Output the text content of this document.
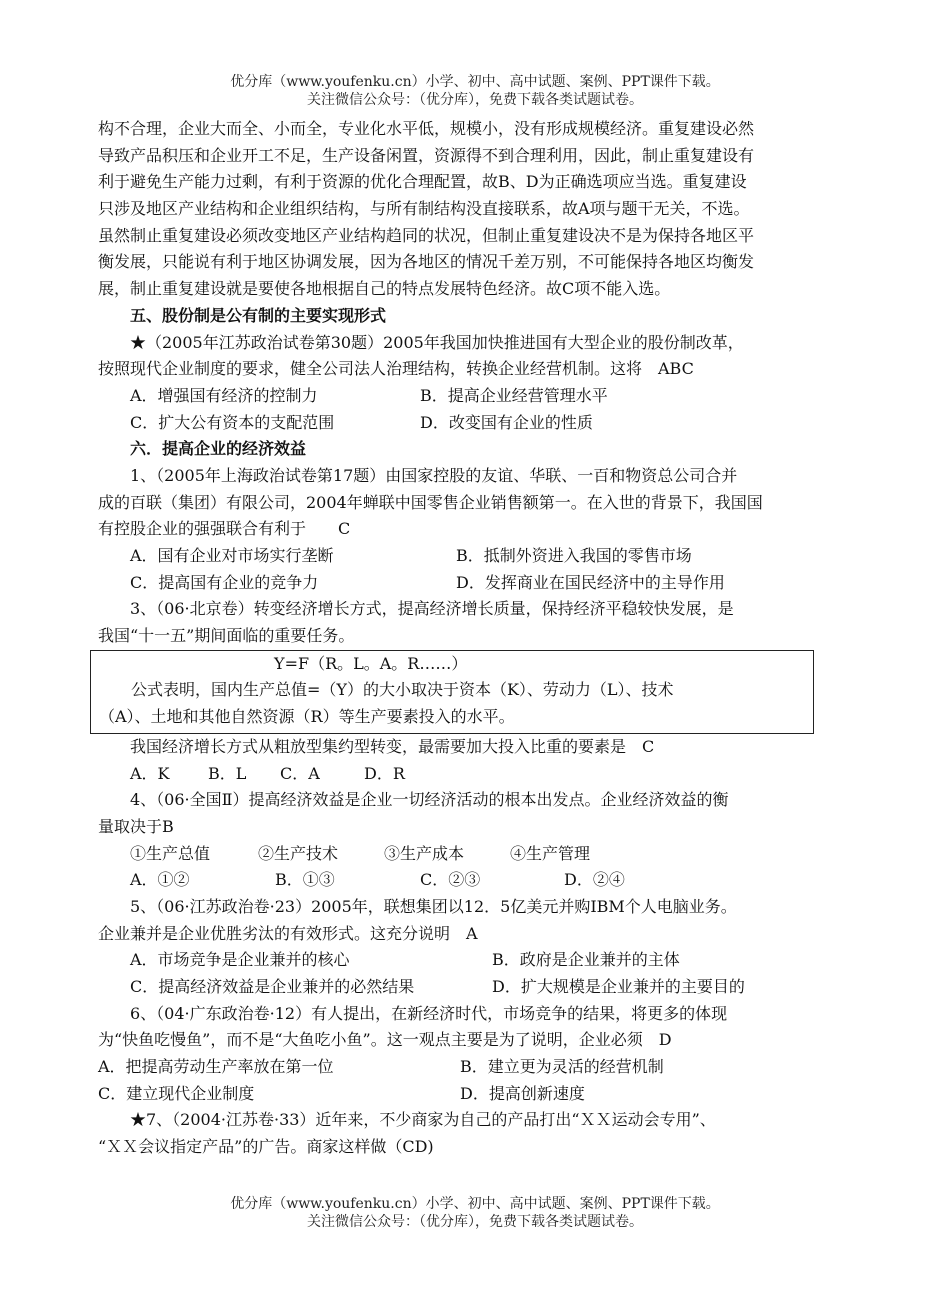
优分库（www.youfenku.cn）小学、初中、高中试题、案例、PPT课件下载。
关注微信公众号：（优分库），免费下载各类试题试卷。
构不合理，企业大而全、小而全，专业化水平低，规模小，没有形成规模经济。重复建设必然
导致产品积压和企业开工不足，生产设备闲置，资源得不到合理利用，因此，制止重复建设有
利于避免生产能力过剩，有利于资源的优化合理配置，故B、D为正确选项应当选。重复建设
只涉及地区产业结构和企业组织结构，与所有制结构没直接联系，故A项与题干无关，不选。
虽然制止重复建设必须改变地区产业结构趋同的状况，但制止重复建设决不是为保持各地区平
衡发展，只能说有利于地区协调发展，因为各地区的情况千差万别，不可能保持各地区均衡发
展，制止重复建设就是要使各地根据自己的特点发展特色经济。故C项不能入选。
五、股份制是公有制的主要实现形式
★（2005年江苏政治试卷第30题）2005年我国加快推进国有大型企业的股份制改革，
按照现代企业制度的要求，健全公司法人治理结构，转换企业经营机制。这将　ABC
A．增强国有经济的控制力	B．提高企业经营管理水平
C．扩大公有资本的支配范围	D．改变国有企业的性质
六．提高企业的经济效益
1、（2005年上海政治试卷第17题）由国家控股的友谊、华联、一百和物资总公司合并
成的百联（集团）有限公司，2004年蝉联中国零售企业销售额第一。在入世的背景下，我国国
有控股企业的强强联合有利于　　C
A．国有企业对市场实行垄断	B．抵制外资进入我国的零售市场
C．提高国有企业的竞争力	D．发挥商业在国民经济中的主导作用
3、（06·北京卷）转变经济增长方式，提高经济增长质量，保持经济平稳较快发展，是
我国“十一五”期间面临的重要任务。
Y=F（R。L。A。R……）
公式表明，国内生产总值=（Y）的大小取决于资本（K）、劳动力（L）、技术
（A）、土地和其他自然资源（R）等生产要素投入的水平。
我国经济增长方式从粗放型集约型转变，最需要加大投入比重的要素是　C
A．K	B．L	C．A	D．R
4、（06·全国Ⅱ）提高经济效益是企业一切经济活动的根本出发点。企业经济效益的衡
量取决于B
①生产总值	②生产技术	③生产成本	④生产管理
A．①②	B．①③	C．②③	D．②④
5、（06·江苏政治卷·23）2005年，联想集团以12．5亿美元并购IBM个人电脑业务。
企业兼并是企业优胜劣汰的有效形式。这充分说明　A
A．市场竞争是企业兼并的核心	B．政府是企业兼并的主体
C．提高经济效益是企业兼并的必然结果	D．扩大规模是企业兼并的主要目的
6、（04·广东政治卷·12）有人提出，在新经济时代，市场竞争的结果，将更多的体现
为“快鱼吃慢鱼”，而不是“大鱼吃小鱼”。这一观点主要是为了说明，企业必须　D
A．把提高劳动生产率放在第一位	B．建立更为灵活的经营机制
C．建立现代企业制度	D．提高创新速度
★7、（2004·江苏卷·33）近年来，不少商家为自己的产品打出“ＸＸ运动会专用”、
“ＸＸ会议指定产品”的广告。商家这样做（CD)
优分库（www.youfenku.cn）小学、初中、高中试题、案例、PPT课件下载。
关注微信公众号：（优分库），免费下载各类试题试卷。
